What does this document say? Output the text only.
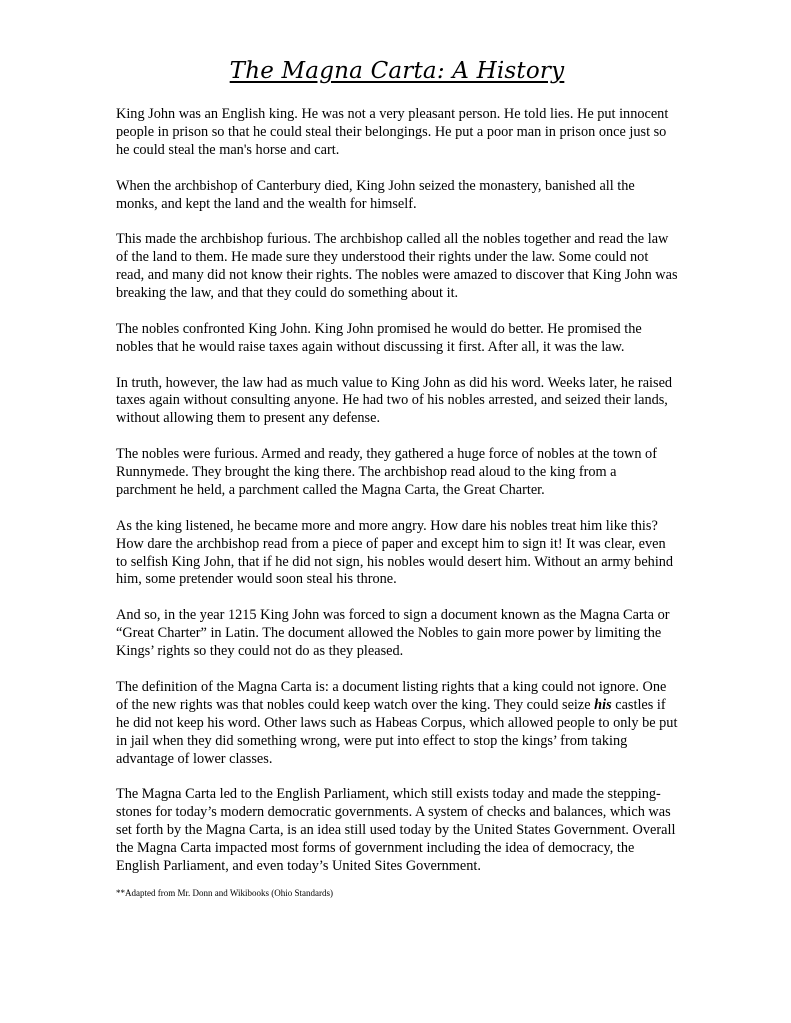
The Magna Carta: A History

King John was an English king. He was not a very pleasant person. He told lies. He put innocent people in prison so that he could steal their belongings. He put a poor man in prison once just so he could steal the man's horse and cart.

When the archbishop of Canterbury died, King John seized the monastery, banished all the monks, and kept the land and the wealth for himself.

This made the archbishop furious. The archbishop called all the nobles together and read the law of the land to them. He made sure they understood their rights under the law. Some could not read, and many did not know their rights. The nobles were amazed to discover that King John was breaking the law, and that they could do something about it.

The nobles confronted King John. King John promised he would do better. He promised the nobles that he would raise taxes again without discussing it first. After all, it was the law.

In truth, however, the law had as much value to King John as did his word. Weeks later, he raised taxes again without consulting anyone. He had two of his nobles arrested, and seized their lands, without allowing them to present any defense.

The nobles were furious. Armed and ready, they gathered a huge force of nobles at the town of Runnymede. They brought the king there. The archbishop read aloud to the king from a parchment he held, a parchment called the Magna Carta, the Great Charter.

As the king listened, he became more and more angry. How dare his nobles treat him like this? How dare the archbishop read from a piece of paper and except him to sign it! It was clear, even to selfish King John, that if he did not sign, his nobles would desert him. Without an army behind him, some pretender would soon steal his throne.

And so, in the year 1215 King John was forced to sign a document known as the Magna Carta or “Great Charter” in Latin. The document allowed the Nobles to gain more power by limiting the Kings’ rights so they could not do as they pleased.

The definition of the Magna Carta is: a document listing rights that a king could not ignore. One of the new rights was that nobles could keep watch over the king. They could seize his castles if he did not keep his word. Other laws such as Habeas Corpus, which allowed people to only be put in jail when they did something wrong, were put into effect to stop the kings’ from taking advantage of lower classes.

The Magna Carta led to the English Parliament, which still exists today and made the stepping-stones for today’s modern democratic governments. A system of checks and balances, which was set forth by the Magna Carta, is an idea still used today by the United States Government. Overall the Magna Carta impacted most forms of government including the idea of democracy, the English Parliament, and even today’s United Sites Government.

**Adapted from Mr. Donn and Wikibooks (Ohio Standards)
